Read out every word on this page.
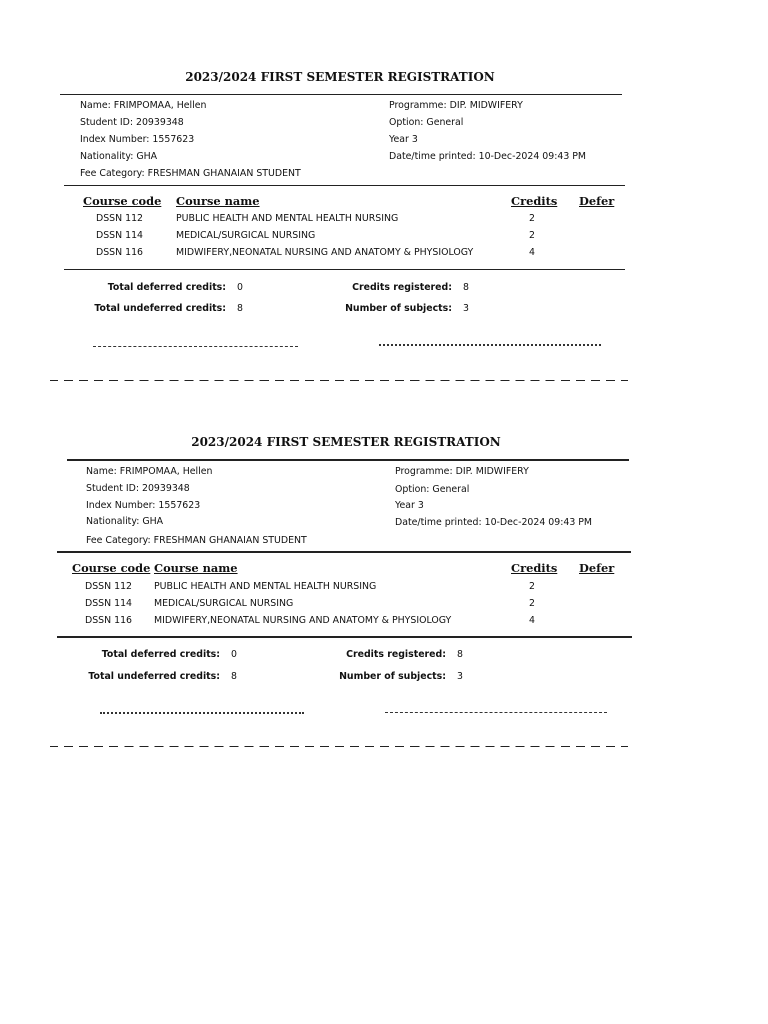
2023/2024 FIRST SEMESTER REGISTRATION
Name: FRIMPOMAA, Hellen
Student ID: 20939348
Index Number: 1557623
Nationality: GHA
Fee Category: FRESHMAN GHANAIAN STUDENT
Programme: DIP. MIDWIFERY
Option: General
Year 3
Date/time printed: 10-Dec-2024 09:43 PM
Course code Course name	Credits Defer
DSSN 112	PUBLIC HEALTH AND MENTAL HEALTH NURSING	2
DSSN 114	MEDICAL/SURGICAL NURSING	2
DSSN 116	MIDWIFERY,NEONATAL NURSING AND ANATOMY & PHYSIOLOGY	4
Total deferred credits: 0
Total undeferred credits: 8
Credits registered: 8
Number of subjects: 3
2023/2024 FIRST SEMESTER REGISTRATION
Name: FRIMPOMAA, Hellen
Student ID: 20939348
Index Number: 1557623
Nationality: GHA
Fee Category: FRESHMAN GHANAIAN STUDENT
Programme: DIP. MIDWIFERY
Option: General
Year 3
Date/time printed: 10-Dec-2024 09:43 PM
Course code Course name	Credits Defer
DSSN 112 PUBLIC HEALTH AND MENTAL HEALTH NURSING	2
DSSN 114 MEDICAL/SURGICAL NURSING	2
DSSN 116 MIDWIFERY,NEONATAL NURSING AND ANATOMY & PHYSIOLOGY	4
Total deferred credits: 0
Total undeferred credits: 8
Credits registered: 8
Number of subjects: 3
